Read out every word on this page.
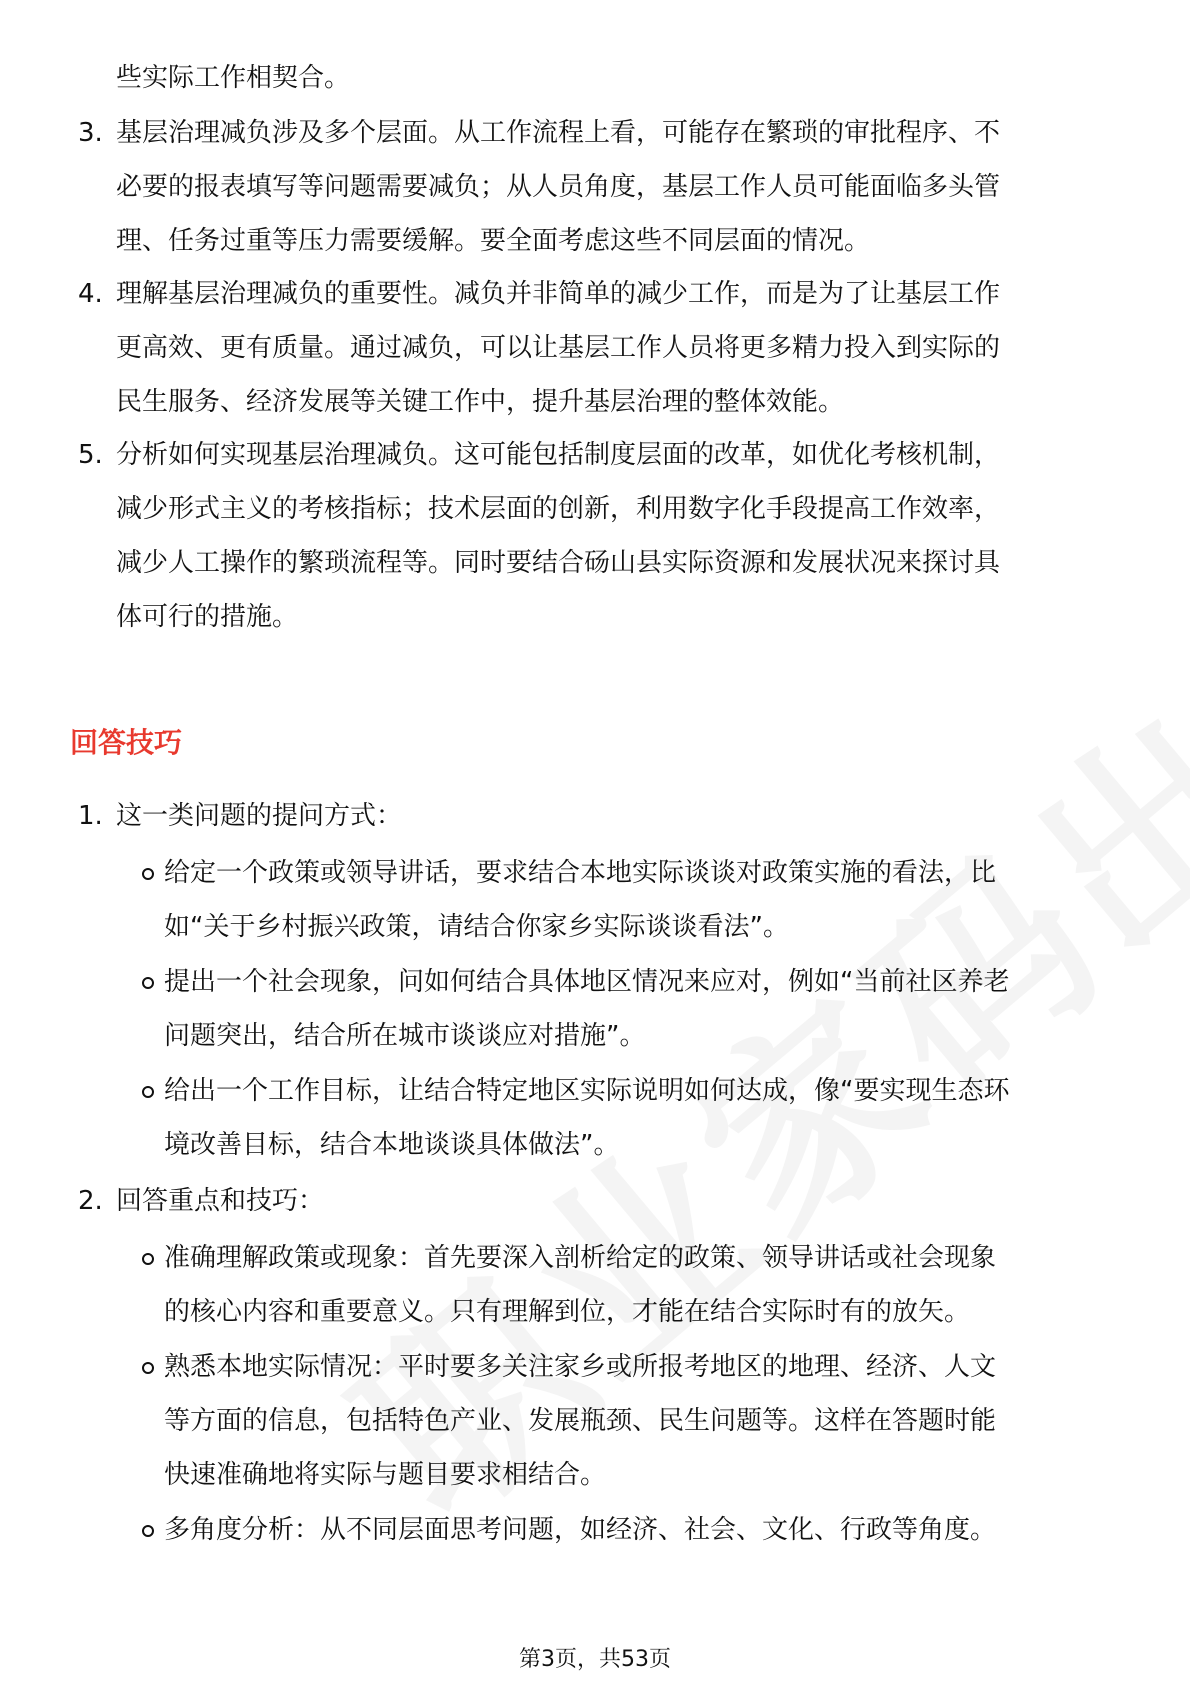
些实际工作相契合。
3. 基层治理减负涉及多个层面。从工作流程上看，可能存在繁琐的审批程序、不
必要的报表填写等问题需要减负；从人员角度，基层工作人员可能面临多头管
理、任务过重等压力需要缓解。要全面考虑这些不同层面的情况。
4. 理解基层治理减负的重要性。减负并非简单的减少工作，而是为了让基层工作
更高效、更有质量。通过减负，可以让基层工作人员将更多精力投入到实际的
民生服务、经济发展等关键工作中，提升基层治理的整体效能。
5. 分析如何实现基层治理减负。这可能包括制度层面的改革，如优化考核机制，
减少形式主义的考核指标；技术层面的创新，利用数字化手段提高工作效率，
减少人工操作的繁琐流程等。同时要结合砀山县实际资源和发展状况来探讨具
体可行的措施。
回答技巧
1. 这一类问题的提问方式：
给定一个政策或领导讲话，要求结合本地实际谈谈对政策实施的看法，比
如“关于乡村振兴政策，请结合你家乡实际谈谈看法”。
提出一个社会现象，问如何结合具体地区情况来应对，例如“当前社区养老
问题突出，结合所在城市谈谈应对措施”。
给出一个工作目标，让结合特定地区实际说明如何达成，像“要实现生态环
境改善目标，结合本地谈谈具体做法”。
2. 回答重点和技巧：
准确理解政策或现象：首先要深入剖析给定的政策、领导讲话或社会现象
的核心内容和重要意义。只有理解到位，才能在结合实际时有的放矢。
熟悉本地实际情况：平时要多关注家乡或所报考地区的地理、经济、人文
等方面的信息，包括特色产业、发展瓶颈、民生问题等。这样在答题时能
快速准确地将实际与题目要求相结合。
多角度分析：从不同层面思考问题，如经济、社会、文化、行政等角度。
第3页，共53页
